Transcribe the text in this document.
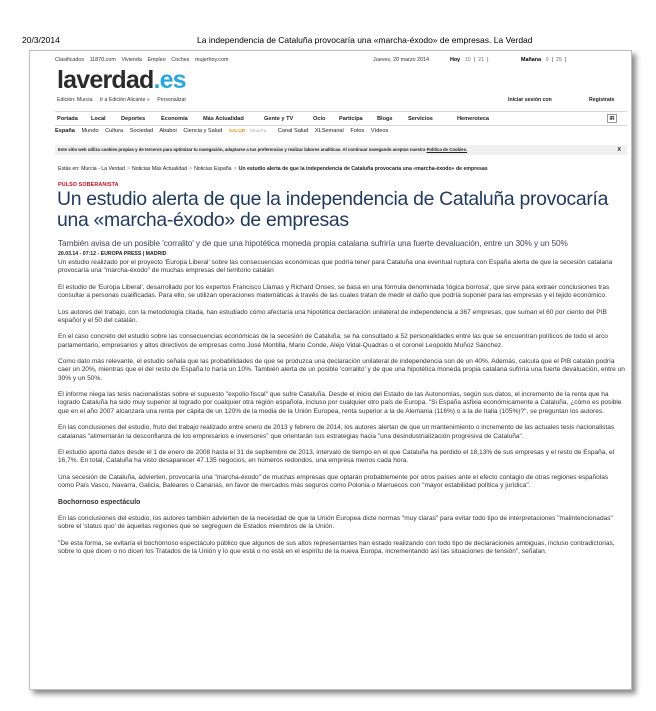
20/3/2014	La independencia de Cataluña provocaría una «marcha-éxodo» de empresas. La Verdad
Clasificados 11870.com Vivienda Empleo Coches mujerhoy.com	Jueves, 20 marzo 2014	Hoy 10 | 21 |	Mañana 9 | 25 |
laverdad.es
Edición: Murcia Ir a Edición Alicante » Personalizar	Iniciar sesión con	Regístrate
Portada Local	Deportes	Economía	Más Actualidad	Gente y TV	Ocio Participa	Blogs	Servicios	Hemeroteca	IR
España Mundo Cultura Sociedad Ababoi Ciencia y Salud SALUD REVISTA Canal Salud XLSemanal Fotos Vídeos
Este sitio web utiliza cookies propias y de terceros para optimizar tu navegación, adaptarse a tus preferencias y realizar labores analíticas. Al continuar navegando aceptas nuestra Política de Cookies.	X
Estás en: Murcia - La Verdad > Noticias Más Actualidad > Noticias España > Un estudio alerta de que la independencia de Cataluña provocaría una «marcha-éxodo» de empresas
PULSO SOBERANISTA
Un estudio alerta de que la independencia de Cataluña provocaría una «marcha-éxodo» de empresas
También avisa de un posible 'corralito' y de que una hipotética moneda propia catalana sufriría una fuerte devaluación, entre un 30% y un 50%
20.03.14 - 07:12 - EUROPA PRESS | MADRID

Un estudio realizado por el proyecto 'Europa Liberal' sobre las consecuencias económicas que podría tener para Cataluña una eventual ruptura con España alerta de que la secesión catalana provocaría una "marcha-éxodo" de muchas empresas del territorio catalán

El estudio de 'Europa Liberal', desarrollado por los expertos Francisco Llamas y Richard Onses, se basa en una fórmula denominada 'lógica borrosa', que sirve para extraer conclusiones tras consultar a personas cualificadas. Para ello, se utilizan operaciones matemáticas a través de las cuales tratan de medir el daño que podría suponer para las empresas y el tejido económico.

Los autores del trabajo, con la metodología citada, han estudiado cómo afectaría una hipotética declaración unilateral de independencia a 367 empresas, que suman el 60 por ciento del PIB español y el 50 del catalán.

En el caso concreto del estudio sobre las consecuencias económicas de la secesión de Cataluña, se ha consultado a 52 personalidades entre las que se encuentran políticos de todo el arco parlamentario, empresarios y altos directivos de empresas como José Montilla, Mario Conde, Alejo Vidal-Quadras o el coronel Leopoldo Muñoz Sánchez.

Como dato más relevante, el estudio señala que las probabilidades de que se produzca una declaración unilateral de independencia son de un 40%. Además, calcula que el PIB catalán podría caer un 20%, mientras que el del resto de España lo haría un 10%. También alerta de un posible 'corralito' y de que una hipotética moneda propia catalana sufriría una fuerte devaluación, entre un 30% y un 50%.

El informe niega las tesis nacionalistas sobre el supuesto "expolio fiscal" que sufre Cataluña. Desde el inicio del Estado de las Autonomías, según sus datos, el incremento de la renta que ha logrado Cataluña ha sido muy superior al logrado por cualquier otra región española, incluso por cualquier otro país de Europa. "Si España asfixia económicamente a Cataluña, ¿cómo es posible que en el año 2007 alcanzara una renta per cápita de un 120% de la media de la Unión Europea, renta superior a la de Alemania (116%) o a la de Italia (105%)?", se preguntan los autores.

En las conclusiones del estudio, fruto del trabajo realizado entre enero de 2013 y febrero de 2014, los autores alertan de que un mantenimiento o incremento de las actuales tesis nacionalistas catalanas "alimentarán la desconfianza de los empresarios e inversores" que orientarán sus estrategias hacia "una desindustrialización progresiva de Cataluña".

El estudio aporta datos desde el 1 de enero de 2008 hasta el 31 de septiembre de 2013, intervalo de tiempo en el que Cataluña ha perdido el 18,13% de sus empresas y el resto de España, el 16,7%. En total, Cataluña ha visto desaparecer 47.135 negocios, en números redondos, una empresa menos cada hora.

Una secesión de Cataluña, advierten, provocaría una "marcha-éxodo" de muchas empresas que optarán probablemente por otros países ante el efecto contagio de otras regiones españolas como País Vasco, Navarra, Galicia, Baleares o Canarias, en favor de mercados más seguros como Polonia o Marruecos con "mayor estabilidad política y jurídica".

Bochornoso espectáculo

En las conclusiones del estudio, los autores también advierten de la necesidad de que la Unión Europea dicte normas "muy claras" para evitar todo tipo de interpretaciones "malintencionadas" sobre el 'status quo' de aquellas regiones que se segreguen de Estados miembros de la Unión.

"De esta forma, se evitaría el bochornoso espectáculo público que algunos de sus altos representantes han estado realizando con todo tipo de declaraciones ambiguas, incluso contradictorias, sobre lo que dicen o no dicen los Tratados de la Unión y lo que está o no está en el espíritu de la nueva Europa, incrementando así las situaciones de tensión", señalan.
